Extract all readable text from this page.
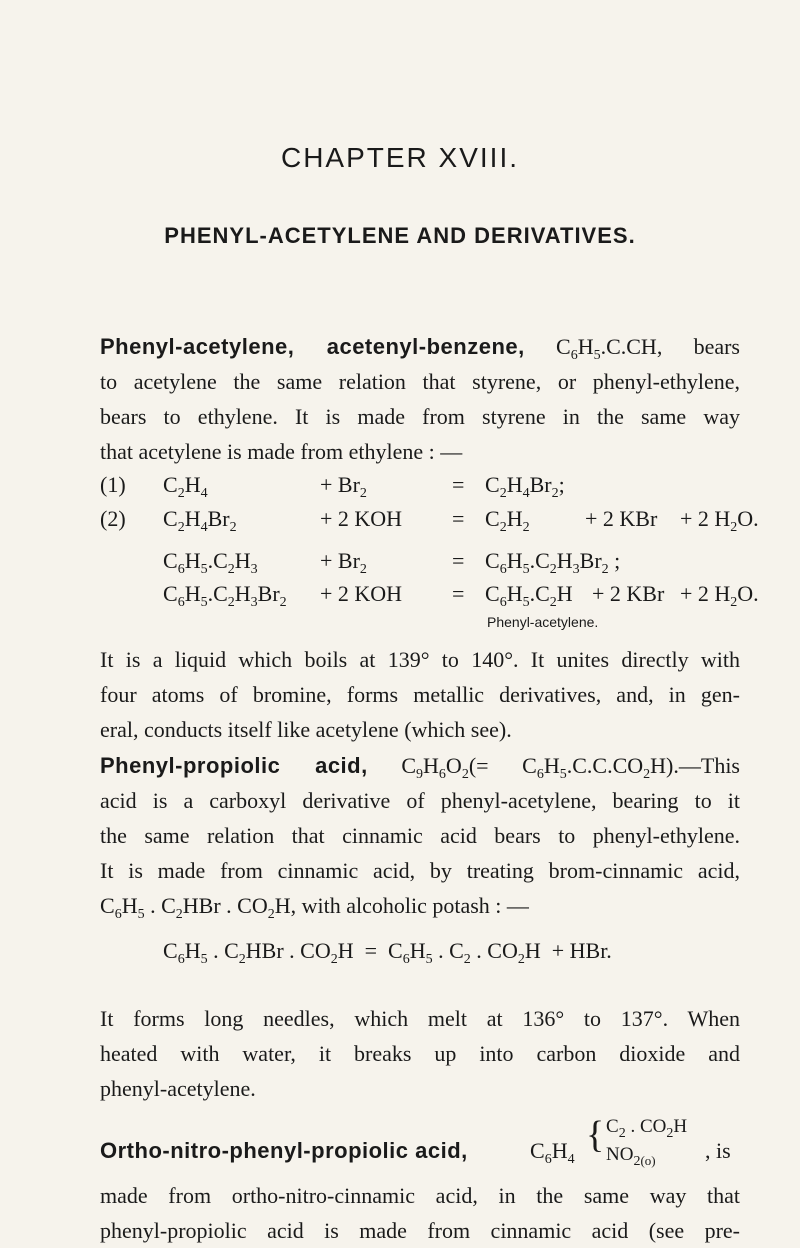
CHAPTER XVIII.
PHENYL-ACETYLENE AND DERIVATIVES.
Phenyl-acetylene, acetenyl-benzene, $C_6H_5.C.CH$, bears
to acetylene the same relation that styrene, or phenyl-ethylene,
bears to ethylene. It is made from styrene in the same way
that acetylene is made from ethylene : —
(1) $C_2H_4$	+ $Br_2$	= $C_2H_4Br_2$;
(2) $C_2H_4Br_2$	+ 2 KOH = $C_2H_2$	+ 2 KBr + 2 $H_2O$.
$C_6H_5.C_2H_3$	+ $Br_2$	= $C_6H_5.C_2H_3Br_2$ ;
$C_6H_5.C_2H_3Br_2 + 2$ KOH = $C_6H_5.C_2H + 2$ KBr + 2 $H_2O$.
Phenyl-acetylene.
It is a liquid which boils at 139° to 140°. It unites directly with
four atoms of bromine, forms metallic derivatives, and, in gen-
eral, conducts itself like acetylene (which see).
Phenyl-propiolic acid, $C_9H_6O_2(=$ $C_6H_5.C.C.CO_2H).—This$
acid is a carboxyl derivative of phenyl-acetylene, bearing to it
the same relation that cinnamic acid bears to phenyl-ethylene.
It is made from cinnamic acid, by treating brom-cinnamic acid,
$C_6H_5$ . $C_2HBr$ . $CO_2H$, with alcoholic potash : —
$C_6H_5$ . $C_2HBr$ . $CO_2H = C_6H_5$ . $C_2$ . $CO_2H$  + HBr.
It forms long needles, which melt at 136° to 137°. When
heated with water, it breaks up into carbon dioxide and
phenyl-acetylene.
Ortho-nitro-phenyl-propiolic acid,	$C_6H_4$
{ $C_2$ . $CO_2H$
$NO_{2(o)}$ , is
made from ortho-nitro-cinnamic acid, in the same way that
phenyl-propiolic acid is made from cinnamic acid (see pre-
